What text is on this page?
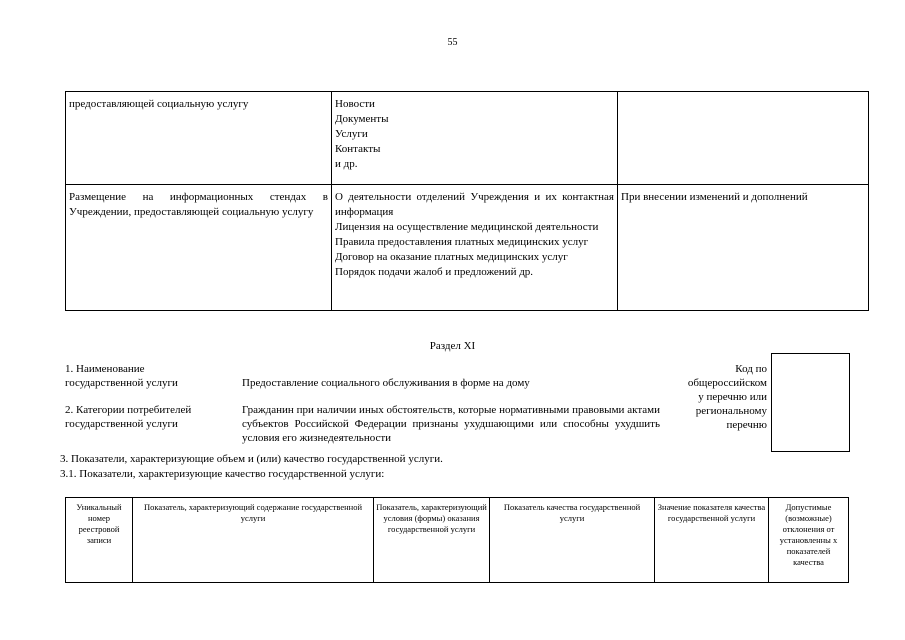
55
предоставляющей социальную услугу	Новости
Документы
Услуги
Контакты
и др.	

Размещение на информационных стендах в Учреждении, предоставляющей социальную услугу	О деятельности отделений Учреждения и их контактная информация
Лицензия на осуществление медицинской деятельности
Правила предоставления платных медицинских услуг
Договор на оказание платных медицинских услуг
Порядок подачи жалоб и предложений др.	При внесении изменений и дополнений
Раздел XI
1. Наименование
государственной услуги	Предоставление социального обслуживания в форме на дому
2. Категории потребителей
государственной услуги
Гражданин при наличии иных обстоятельств, которые нормативными правовыми актами субъектов Российской Федерации признаны ухудшающими или способны ухудшить условия его жизнедеятельности
Код по
общероссийском
у перечню или
региональному
перечню
3. Показатели, характеризующие объем и (или) качество государственной услуги.
3.1. Показатели, характеризующие качество государственной услуги:
Уникальный номер реестровой записи	Показатель, характеризующий содержание государственной услуги	Показатель, характеризующий условия (формы) оказания государственной услуги	Показатель качества государственной услуги	Значение показателя качества государственной услуги	Допустимые (возможные) отклонения от установленны х показателей качества
